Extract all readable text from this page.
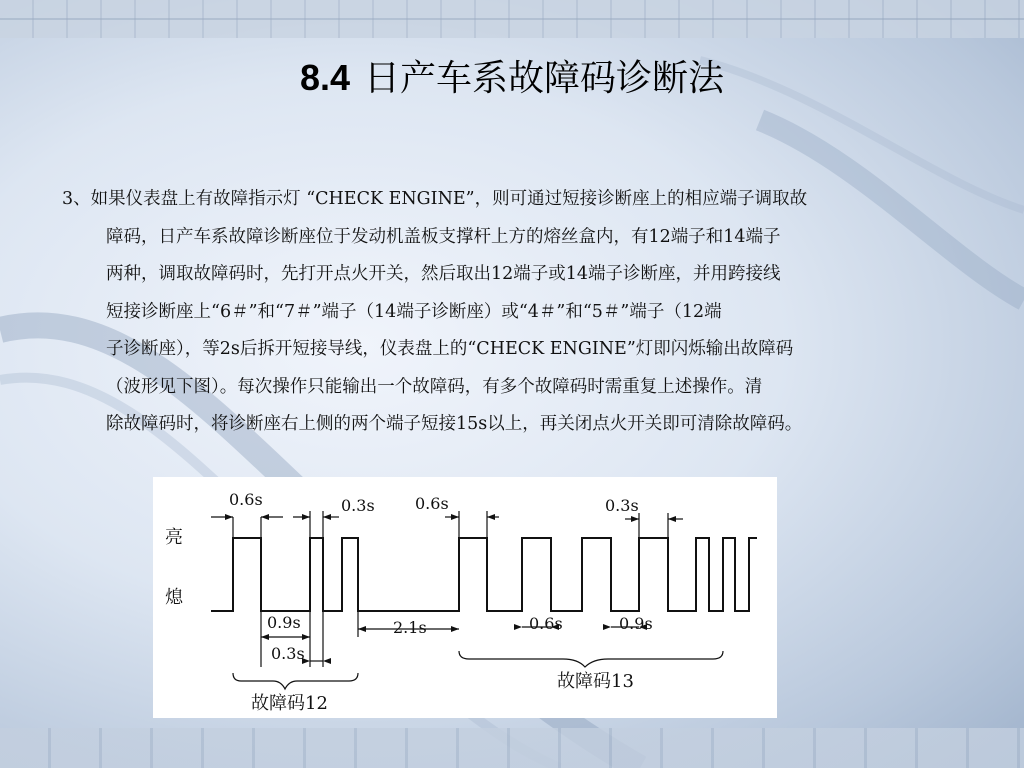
8.4 日产车系故障码诊断法
3、如果仪表盘上有故障指示灯 “CHECK ENGINE”，则可通过短接诊断座上的相应端子调取故
障码，日产车系故障诊断座位于发动机盖板支撑杆上方的熔丝盒内，有12端子和14端子
两种，调取故障码时，先打开点火开关，然后取出12端子或14端子诊断座，并用跨接线
短接诊断座上“6＃”和“7＃”端子（14端子诊断座）或“4＃”和“5＃”端子（12端
子诊断座），等2s后拆开短接导线，仪表盘上的“CHECK ENGINE”灯即闪烁输出故障码
（波形见下图）。每次操作只能输出一个故障码，有多个故障码时需重复上述操作。清
除故障码时，将诊断座右上侧的两个端子短接15s以上，再关闭点火开关即可清除故障码。
亮
熄
0.6s	0.3s	0.6s	0.3s
0.9s
0.3s
2.1s	0.6s	0.9s
故障码12
故障码13
